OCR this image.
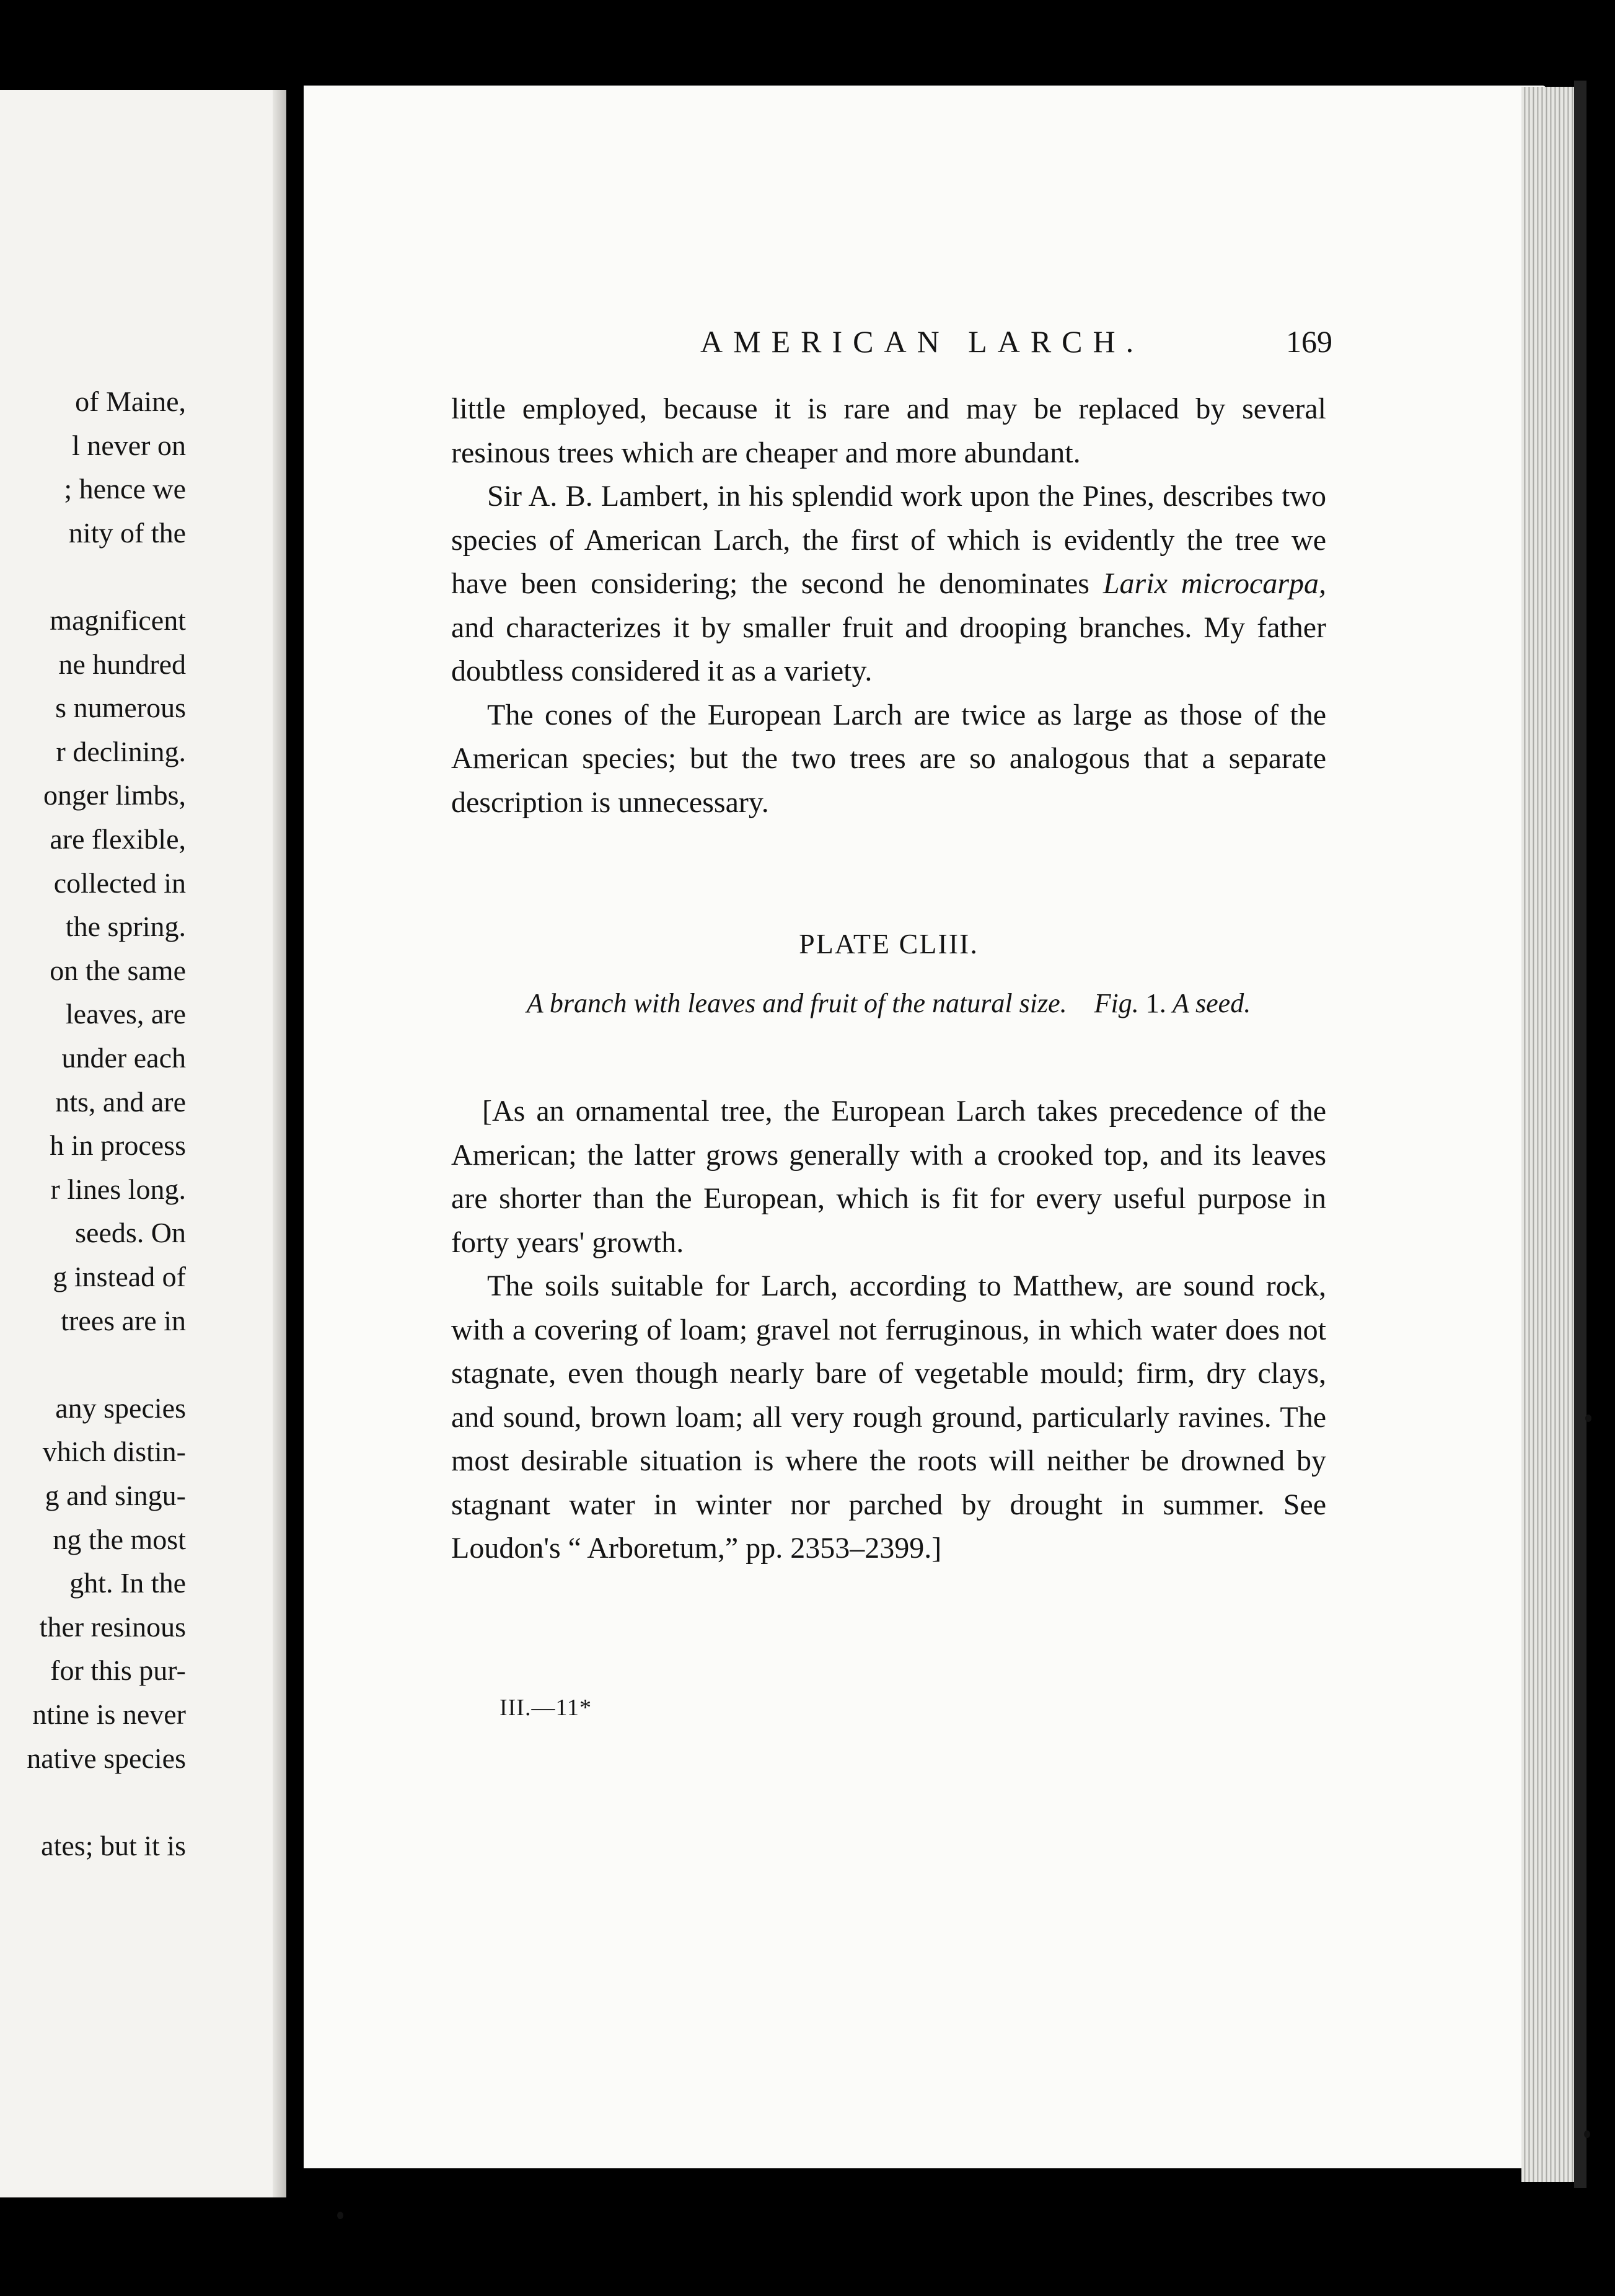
of Maine,
l never on
; hence we
nity of the
magnificent
ne hundred
s numerous
r declining.
onger limbs,
are flexible,
collected in
the spring.
on the same
leaves, are
under each
nts, and are
h in process
r lines long.
seeds. On
g instead of
trees are in
any species
vhich distin-
g and singu-
ng the most
ght. In the
ther resinous
for this pur-
ntine is never
native species
ates; but it is
AMERICAN LARCH.	169

little employed, because it is rare and may be replaced by several resinous trees which are cheaper and more abundant.

Sir A. B. Lambert, in his splendid work upon the Pines, describes two species of American Larch, the first of which is evidently the tree we have been considering; the second he denominates Larix microcarpa, and characterizes it by smaller fruit and drooping branches. My father doubtless considered it as a variety.

The cones of the European Larch are twice as large as those of the American species; but the two trees are so analogous that a separate description is unnecessary.

PLATE CLIII.
A branch with leaves and fruit of the natural size. Fig. 1. A seed.

[As an ornamental tree, the European Larch takes precedence of the American; the latter grows generally with a crooked top, and its leaves are shorter than the European, which is fit for every useful purpose in forty years' growth.

The soils suitable for Larch, according to Matthew, are sound rock, with a covering of loam; gravel not ferruginous, in which water does not stagnate, even though nearly bare of vegetable mould; firm, dry clays, and sound, brown loam; all very rough ground, particularly ravines. The most desirable situation is where the roots will neither be drowned by stagnant water in winter nor parched by drought in summer. See Loudon's “ Arboretum,” pp. 2353–2399.]

III.—11*
